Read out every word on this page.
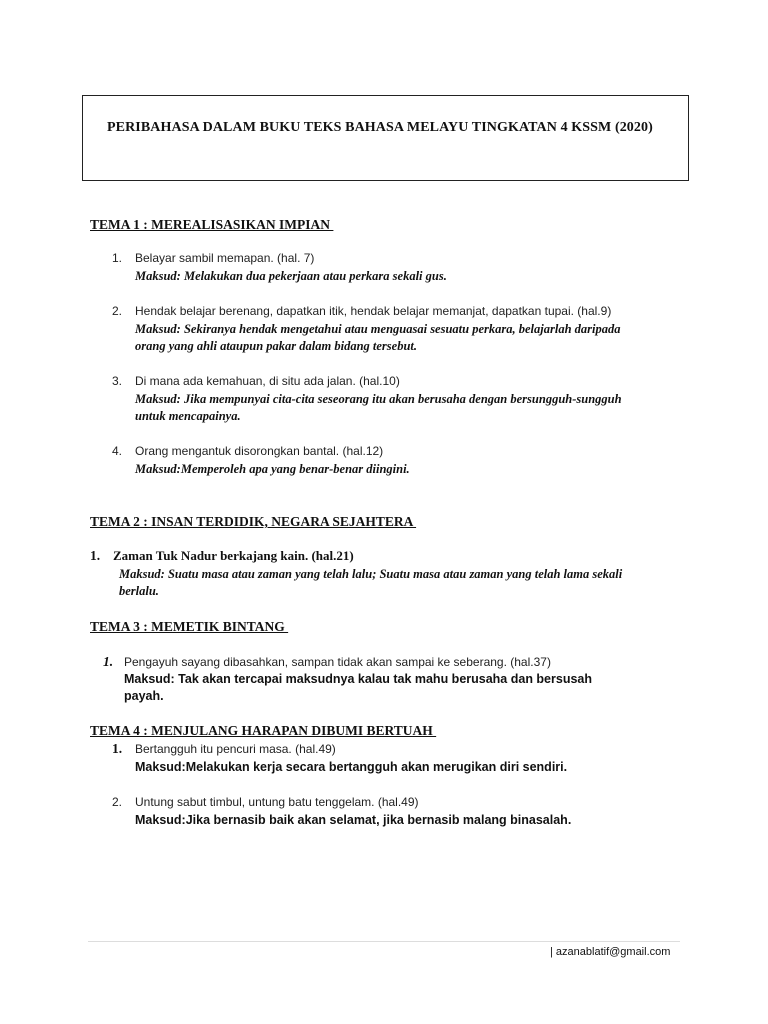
PERIBAHASA DALAM BUKU TEKS BAHASA MELAYU TINGKATAN 4 KSSM (2020)
TEMA 1 : MEREALISASIKAN IMPIAN
1. Belayar sambil memapan. (hal. 7)
Maksud: Melakukan dua pekerjaan atau perkara sekali gus.
2. Hendak belajar berenang, dapatkan itik, hendak belajar memanjat, dapatkan tupai. (hal.9)
Maksud: Sekiranya hendak mengetahui atau menguasai sesuatu perkara, belajarlah daripada
orang yang ahli ataupun pakar dalam bidang tersebut.
3. Di mana ada kemahuan, di situ ada jalan. (hal.10)
Maksud: Jika mempunyai cita-cita seseorang itu akan berusaha dengan bersungguh-sungguh
untuk mencapainya.
4. Orang mengantuk disorongkan bantal. (hal.12)
Maksud:Memperoleh apa yang benar-benar diingini.
TEMA 2 : INSAN TERDIDIK, NEGARA SEJAHTERA
1. Zaman Tuk Nadur berkajang kain. (hal.21)
Maksud: Suatu masa atau zaman yang telah lalu; Suatu masa atau zaman yang telah lama sekali
berlalu.
TEMA 3 : MEMETIK BINTANG
1. Pengayuh sayang dibasahkan, sampan tidak akan sampai ke seberang. (hal.37)
Maksud: Tak akan tercapai maksudnya kalau tak mahu berusaha dan bersusah
payah.
TEMA 4 : MENJULANG HARAPAN DIBUMI BERTUAH
1. Bertangguh itu pencuri masa. (hal.49)
Maksud:Melakukan kerja secara bertangguh akan merugikan diri sendiri.
2. Untung sabut timbul, untung batu tenggelam. (hal.49)
Maksud:Jika bernasib baik akan selamat, jika bernasib malang binasalah.
| azanablatif@gmail.com
